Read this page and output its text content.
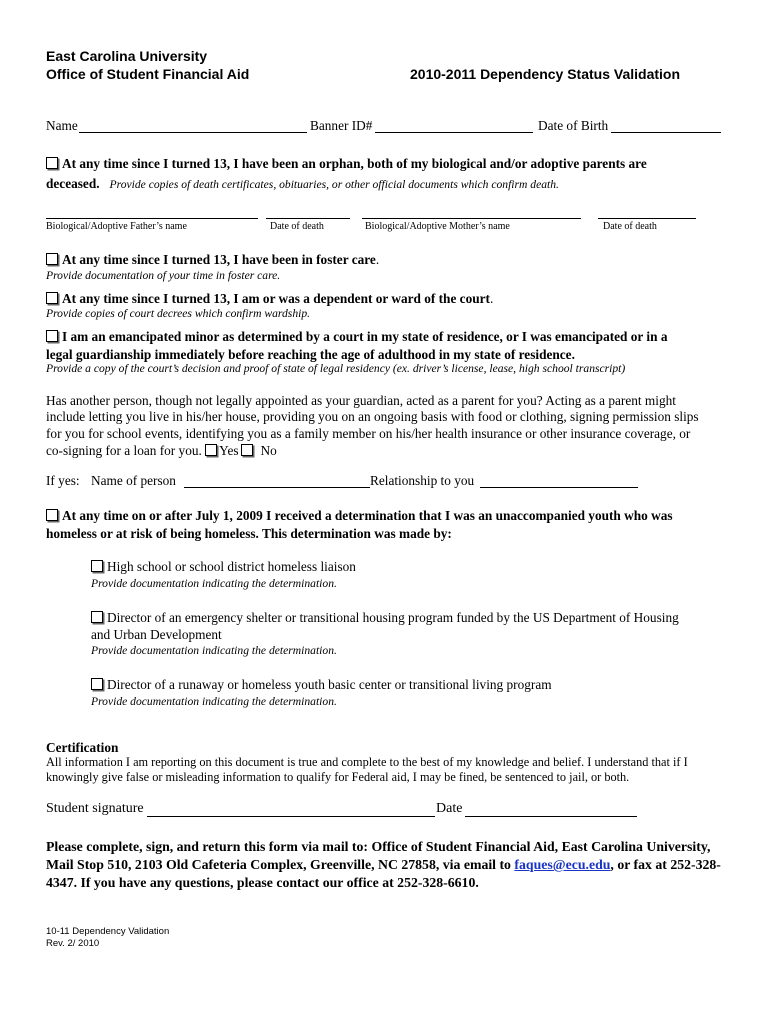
East Carolina University
Office of Student Financial Aid	2010-2011 Dependency Status Validation
Name	Banner ID#	Date of Birth
At any time since I turned 13, I have been an orphan, both of my biological and/or adoptive parents are
deceased. Provide copies of death certificates, obituaries, or other official documents which confirm death.
Biological/Adoptive Father’s name	Date of death	Biological/Adoptive Mother’s name	Date of death
At any time since I turned 13, I have been in foster care.
Provide documentation of your time in foster care.
At any time since I turned 13, I am or was a dependent or ward of the court.
Provide copies of court decrees which confirm wardship.
I am an emancipated minor as determined by a court in my state of residence, or I was emancipated or in a
legal guardianship immediately before reaching the age of adulthood in my state of residence.
Provide a copy of the court’s decision and proof of state of legal residency (ex. driver’s license, lease, high school transcript)
Has another person, though not legally appointed as your guardian, acted as a parent for you? Acting as a parent might
include letting you live in his/her house, providing you on an ongoing basis with food or clothing, signing permission slips
for you for school events, identifying you as a family member on his/her health insurance or other insurance coverage, or
co-signing for a loan for you. Yes No
If yes: Name of person	Relationship to you
At any time on or after July 1, 2009 I received a determination that I was an unaccompanied youth who was
homeless or at risk of being homeless. This determination was made by:
High school or school district homeless liaison
Provide documentation indicating the determination.
Director of an emergency shelter or transitional housing program funded by the US Department of Housing
and Urban Development
Provide documentation indicating the determination.
Director of a runaway or homeless youth basic center or transitional living program
Provide documentation indicating the determination.
Certification
All information I am reporting on this document is true and complete to the best of my knowledge and belief. I understand that if I
knowingly give false or misleading information to qualify for Federal aid, I may be fined, be sentenced to jail, or both.
Student signature	Date
Please complete, sign, and return this form via mail to: Office of Student Financial Aid, East Carolina University,
Mail Stop 510, 2103 Old Cafeteria Complex, Greenville, NC 27858, via email to faques@ecu.edu, or fax at 252-328-
4347. If you have any questions, please contact our office at 252-328-6610.
10-11 Dependency Validation
Rev. 2/ 2010
